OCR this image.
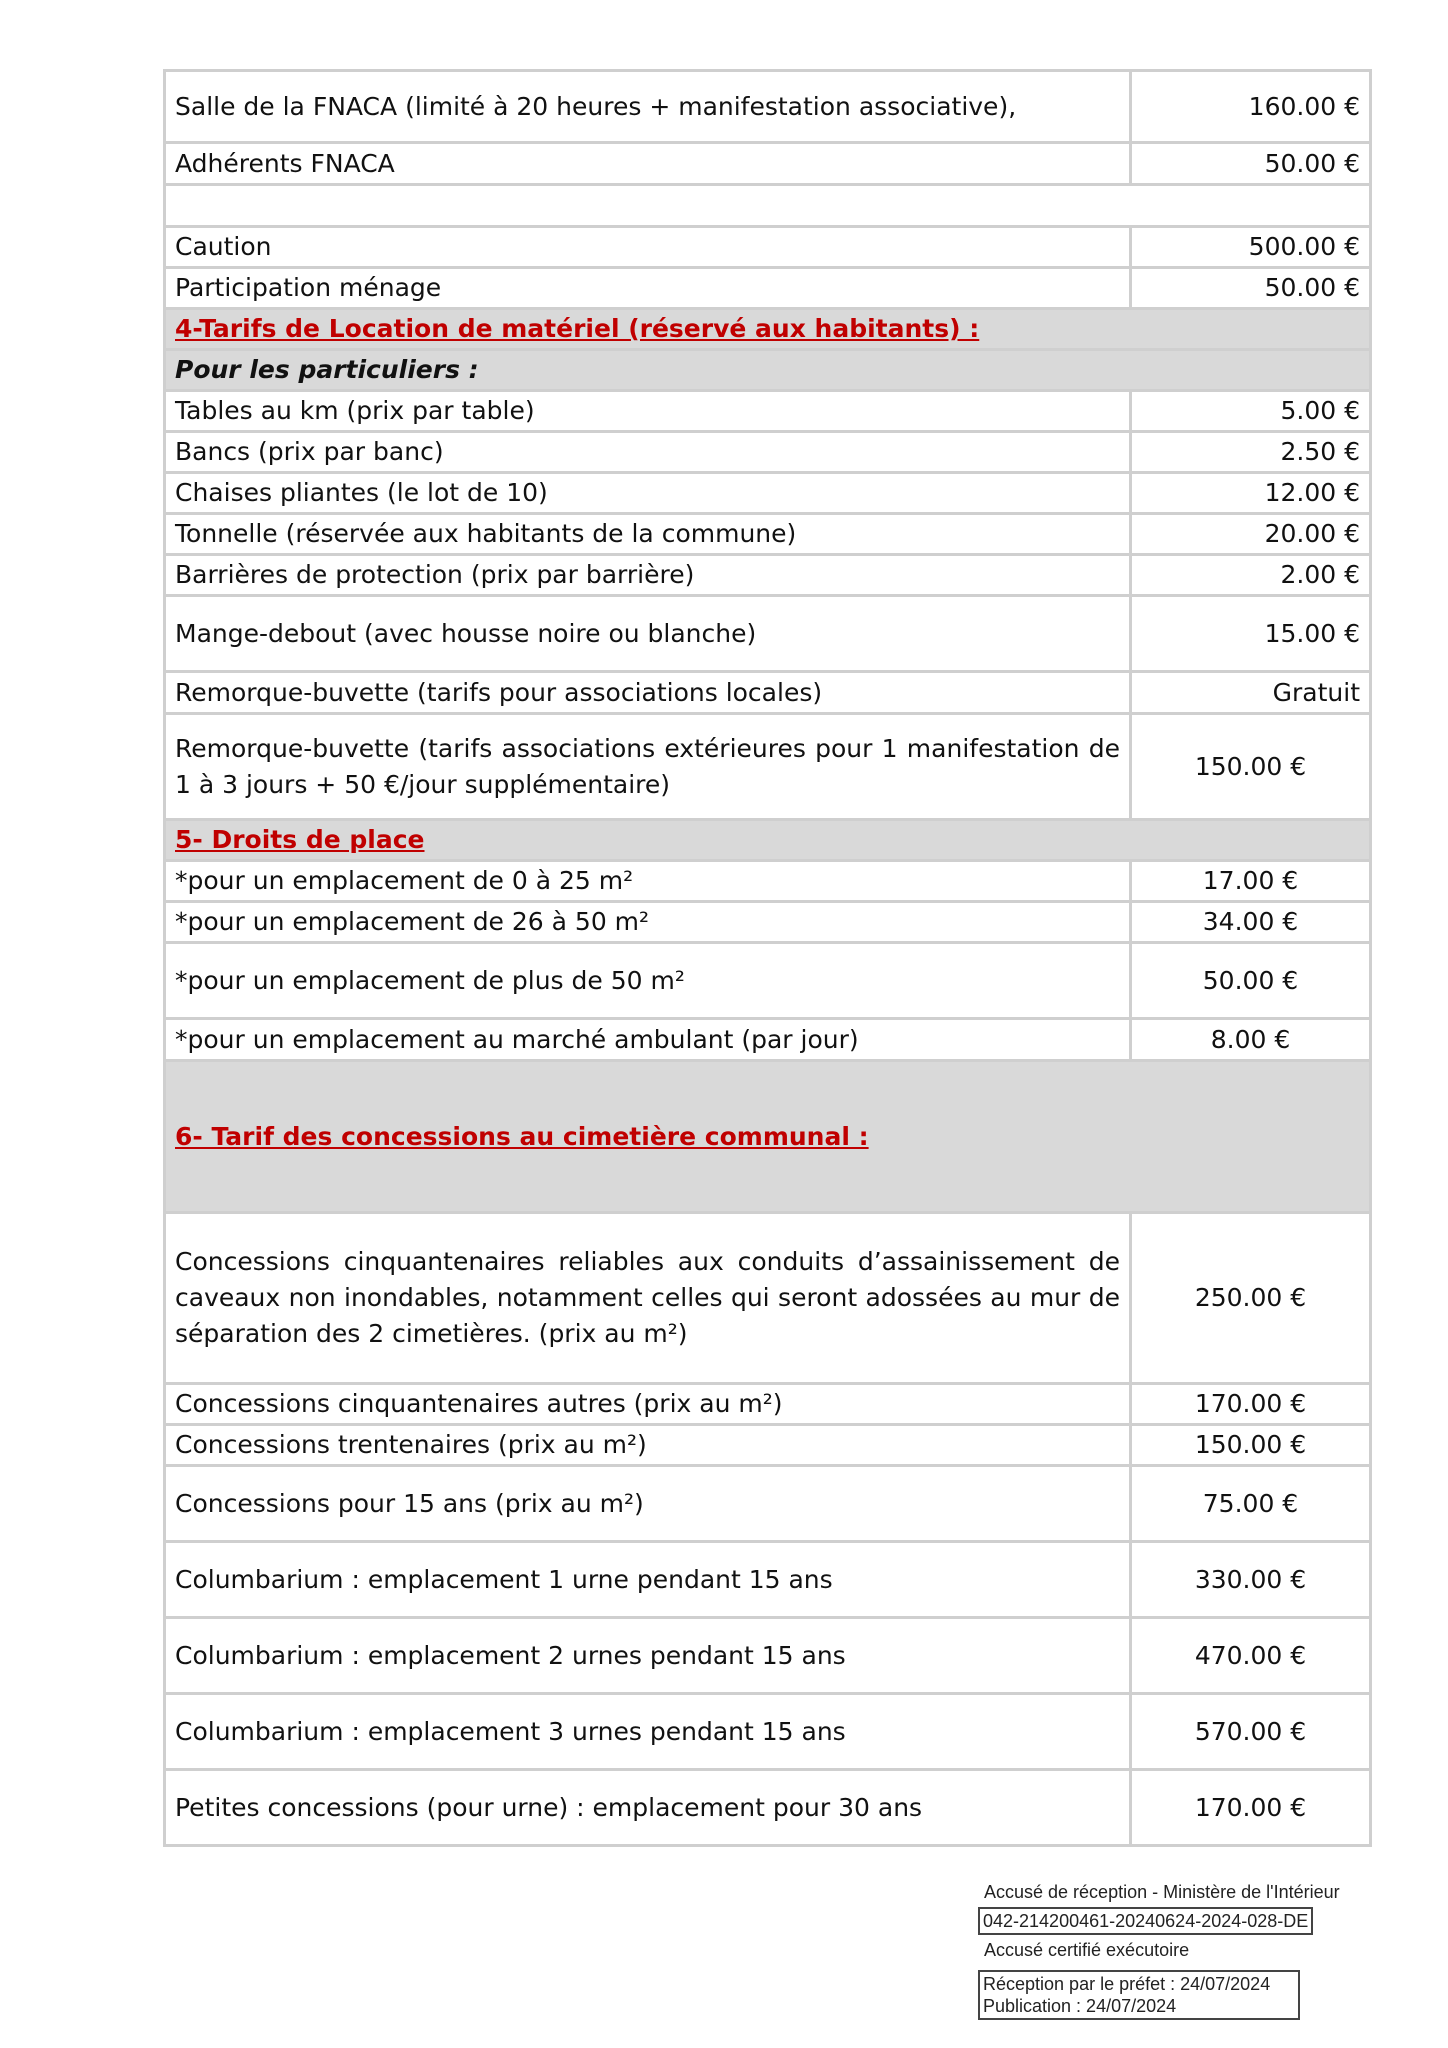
Salle de la FNACA (limité à 20 heures + manifestation associative),	160.00 €
Adhérents FNACA	50.00 €

Caution	500.00 €
Participation ménage	50.00 €
4-Tarifs de Location de matériel (réservé aux habitants) :	
Pour les particuliers :	
Tables au km (prix par table)	5.00 €
Bancs (prix par banc)	2.50 €
Chaises pliantes (le lot de 10)	12.00 €
Tonnelle (réservée aux habitants de la commune)	20.00 €
Barrières de protection (prix par barrière)	2.00 €
Mange-debout (avec housse noire ou blanche)	15.00 €
Remorque-buvette (tarifs pour associations locales)	Gratuit
Remorque-buvette (tarifs associations extérieures pour 1 manifestation de 1 à 3 jours + 50 €/jour supplémentaire)	150.00 €
5- Droits de place	
*pour un emplacement de 0 à 25 m²	17.00 €
*pour un emplacement de 26 à 50 m²	34.00 €
*pour un emplacement de plus de 50 m²	50.00 €
*pour un emplacement au marché ambulant (par jour)	8.00 €
6- Tarif des concessions au cimetière communal :	
Concessions cinquantenaires reliables aux conduits d’assainissement de caveaux non inondables, notamment celles qui seront adossées au mur de séparation des 2 cimetières. (prix au m²)	250.00 €
Concessions cinquantenaires autres (prix au m²)	170.00 €
Concessions trentenaires (prix au m²)	150.00 €
Concessions pour 15 ans (prix au m²)	75.00 €
Columbarium : emplacement 1 urne pendant 15 ans	330.00 €
Columbarium : emplacement 2 urnes pendant 15 ans	470.00 €
Columbarium : emplacement 3 urnes pendant 15 ans	570.00 €
Petites concessions (pour urne) : emplacement pour 30 ans	170.00 €
Accusé de réception - Ministère de l'Intérieur
042-214200461-20240624-2024-028-DE
Accusé certifié exécutoire
Réception par le préfet : 24/07/2024
Publication : 24/07/2024
